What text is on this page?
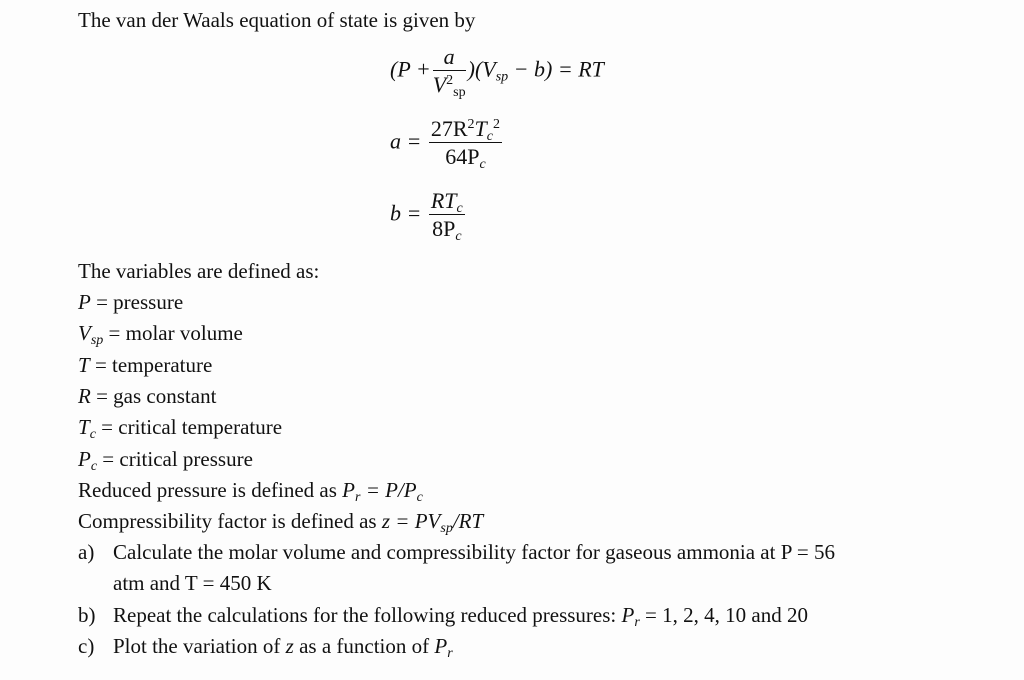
The van der Waals equation of state is given by
$(P + \frac{a}{V^2_{sp}} )(V_{sp} - b)$ = RT
$a = \frac{27R^2T_c^2}{64P_c}$
$b = \frac{RT_c}{8P_c}$
The variables are defined as:
P = pressure
$V_{sp}$ = molar volume
T = temperature
R = gas constant
$T_c$ = critical temperature
$P_c$ = critical pressure
Reduced pressure is defined as $P_r = P/P_c$
Compressibility factor is defined as $z = PV_{sp}/RT$
a) Calculate the molar volume and compressibility factor for gaseous ammonia at P = 56
atm and T = 450 K
b) Repeat the calculations for the following reduced pressures: $P_r = 1$, 2, 4, 10 and 20
c) Plot the variation of z as a function of $P_r$
